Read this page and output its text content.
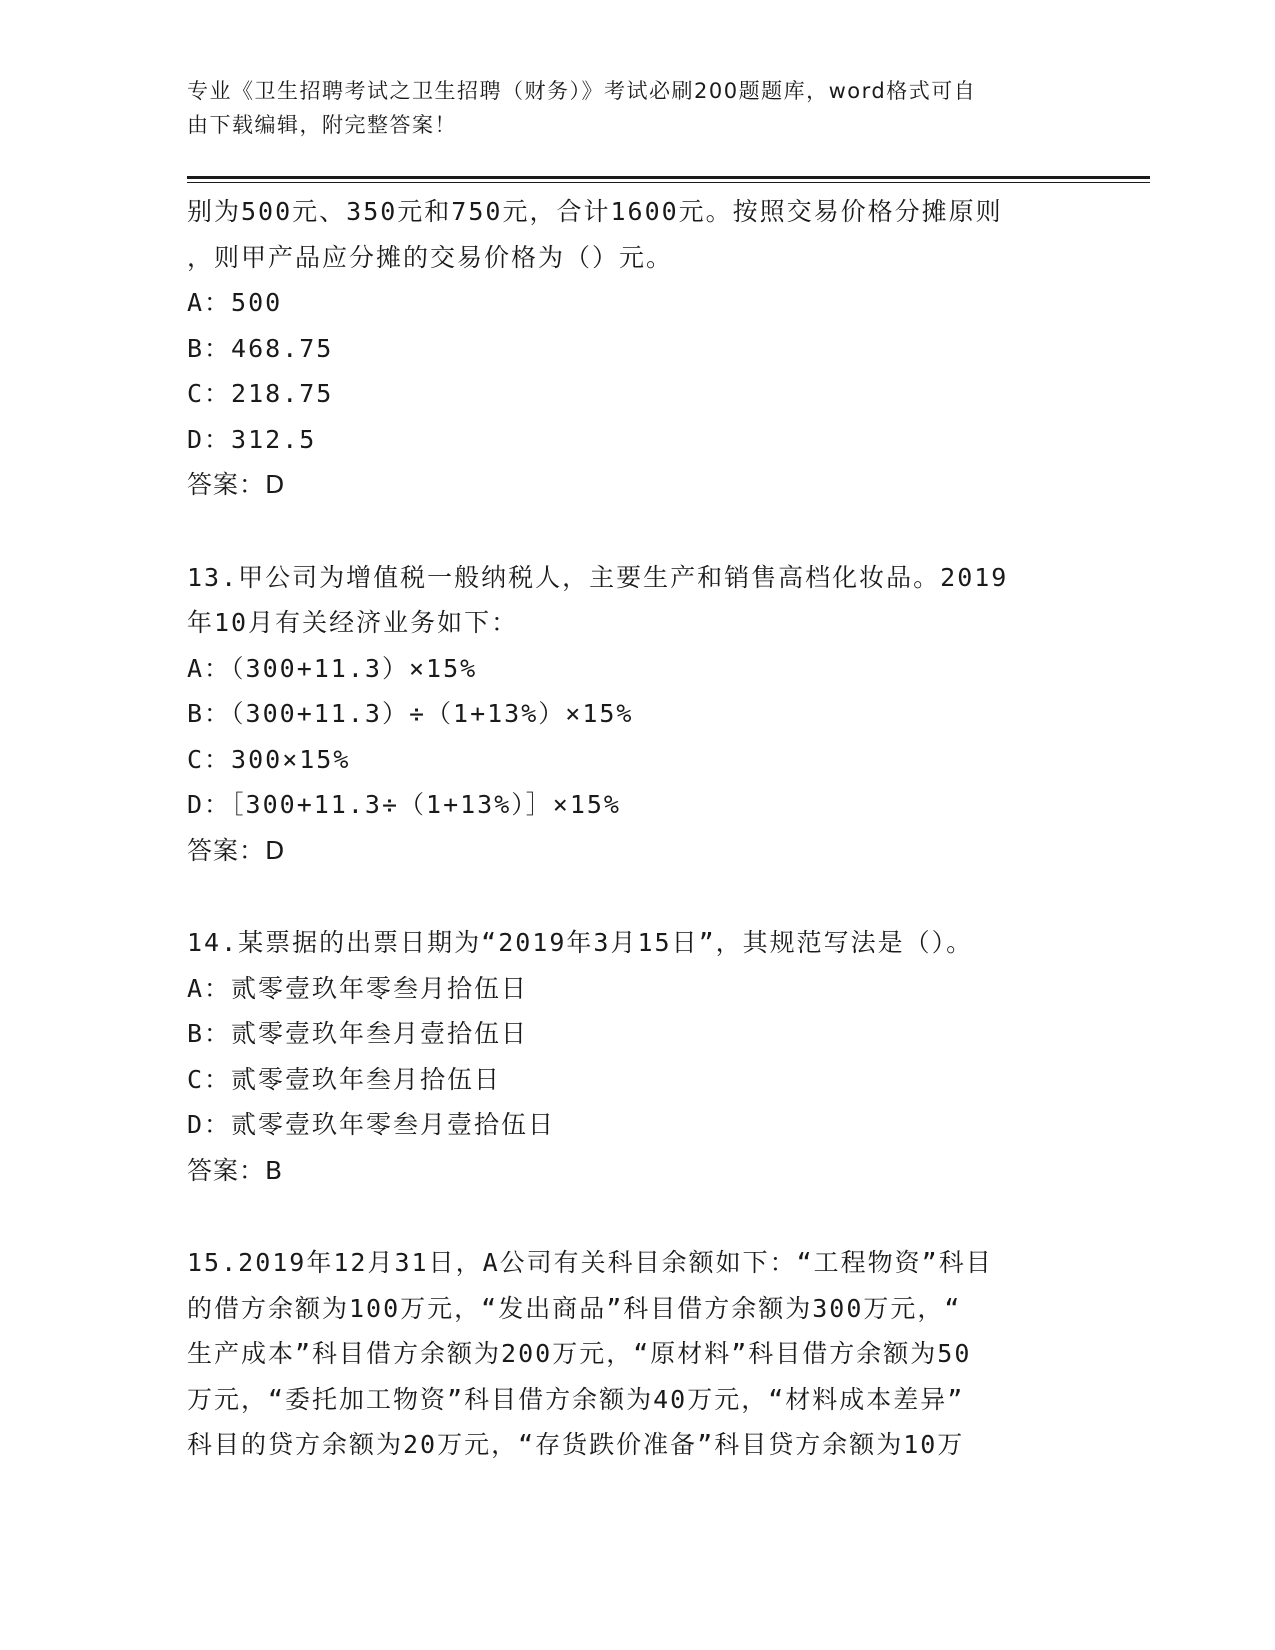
专业《卫生招聘考试之卫生招聘（财务）》考试必刷200题题库，word格式可自
由下载编辑，附完整答案！
别为500元、350元和750元，合计1600元。按照交易价格分摊原则
，则甲产品应分摊的交易价格为（）元。
A：500
B：468.75
C：218.75
D：312.5
答案：D
13.甲公司为增值税一般纳税人，主要生产和销售高档化妆品。2019
年10月有关经济业务如下：
A：（300+11.3）×15%
B：（300+11.3）÷（1+13%）×15%
C：300×15%
D：［300+11.3÷（1+13%）］×15%
答案：D
14.某票据的出票日期为“2019年3月15日”，其规范写法是（）。
A：贰零壹玖年零叁月拾伍日
B：贰零壹玖年叁月壹拾伍日
C：贰零壹玖年叁月拾伍日
D：贰零壹玖年零叁月壹拾伍日
答案：B
15.2019年12月31日，A公司有关科目余额如下：“工程物资”科目
的借方余额为100万元，“发出商品”科目借方余额为300万元，“
生产成本”科目借方余额为200万元，“原材料”科目借方余额为50
万元，“委托加工物资”科目借方余额为40万元，“材料成本差异”
科目的贷方余额为20万元，“存货跌价准备”科目贷方余额为10万
